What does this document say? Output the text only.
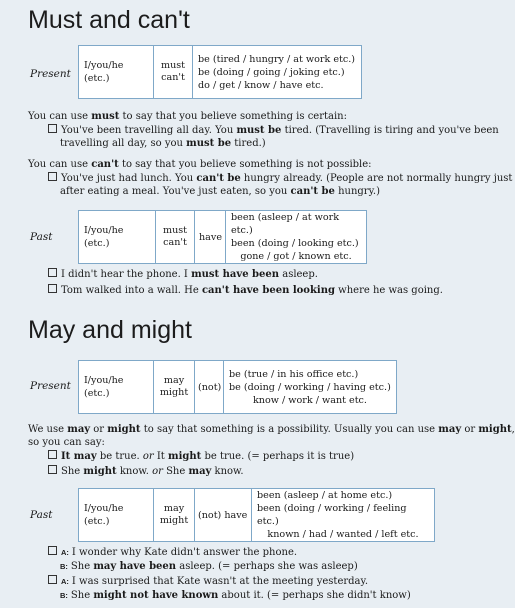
Must and can't
Present
I/you/he (etc.)
must
can't
be (tired / hungry / at work etc.)
be (doing / going / joking etc.)
do / get / know / have etc.
You can use must to say that you believe something is certain:
You've been travelling all day. You must be tired. (Travelling is tiring and you've been
travelling all day, so you must be tired.)
You can use can't to say that you believe something is not possible:
You've just had lunch. You can't be hungry already. (People are not normally hungry just
after eating a meal. You've just eaten, so you can't be hungry.)
Past
I/you/he (etc.)
must
can't have
been (asleep / at work etc.)
been (doing / looking etc.)
gone / got / known etc.
I didn't hear the phone. I must have been asleep.
Tom walked into a wall. He can't have been looking where he was going.
May and might
Present I/you/he (etc.)
may
might (not)
be (true / in his office etc.)
be (doing / working / having etc.)
know / work / want etc.
We use may or might to say that something is a possibility. Usually you can use may or might,
so you can say:
It may be true. or It might be true. (= perhaps it is true)
She might know. or She may know.
Past
I/you/he (etc.)
may
might (not) have
been (asleep / at home etc.)
been (doing / working / feeling etc.)
known / had / wanted / left etc.
A: I wonder why Kate didn't answer the phone.
B: She may have been asleep. (= perhaps she was asleep)
A: I was surprised that Kate wasn't at the meeting yesterday.
B: She might not have known about it. (= perhaps she didn't know)
